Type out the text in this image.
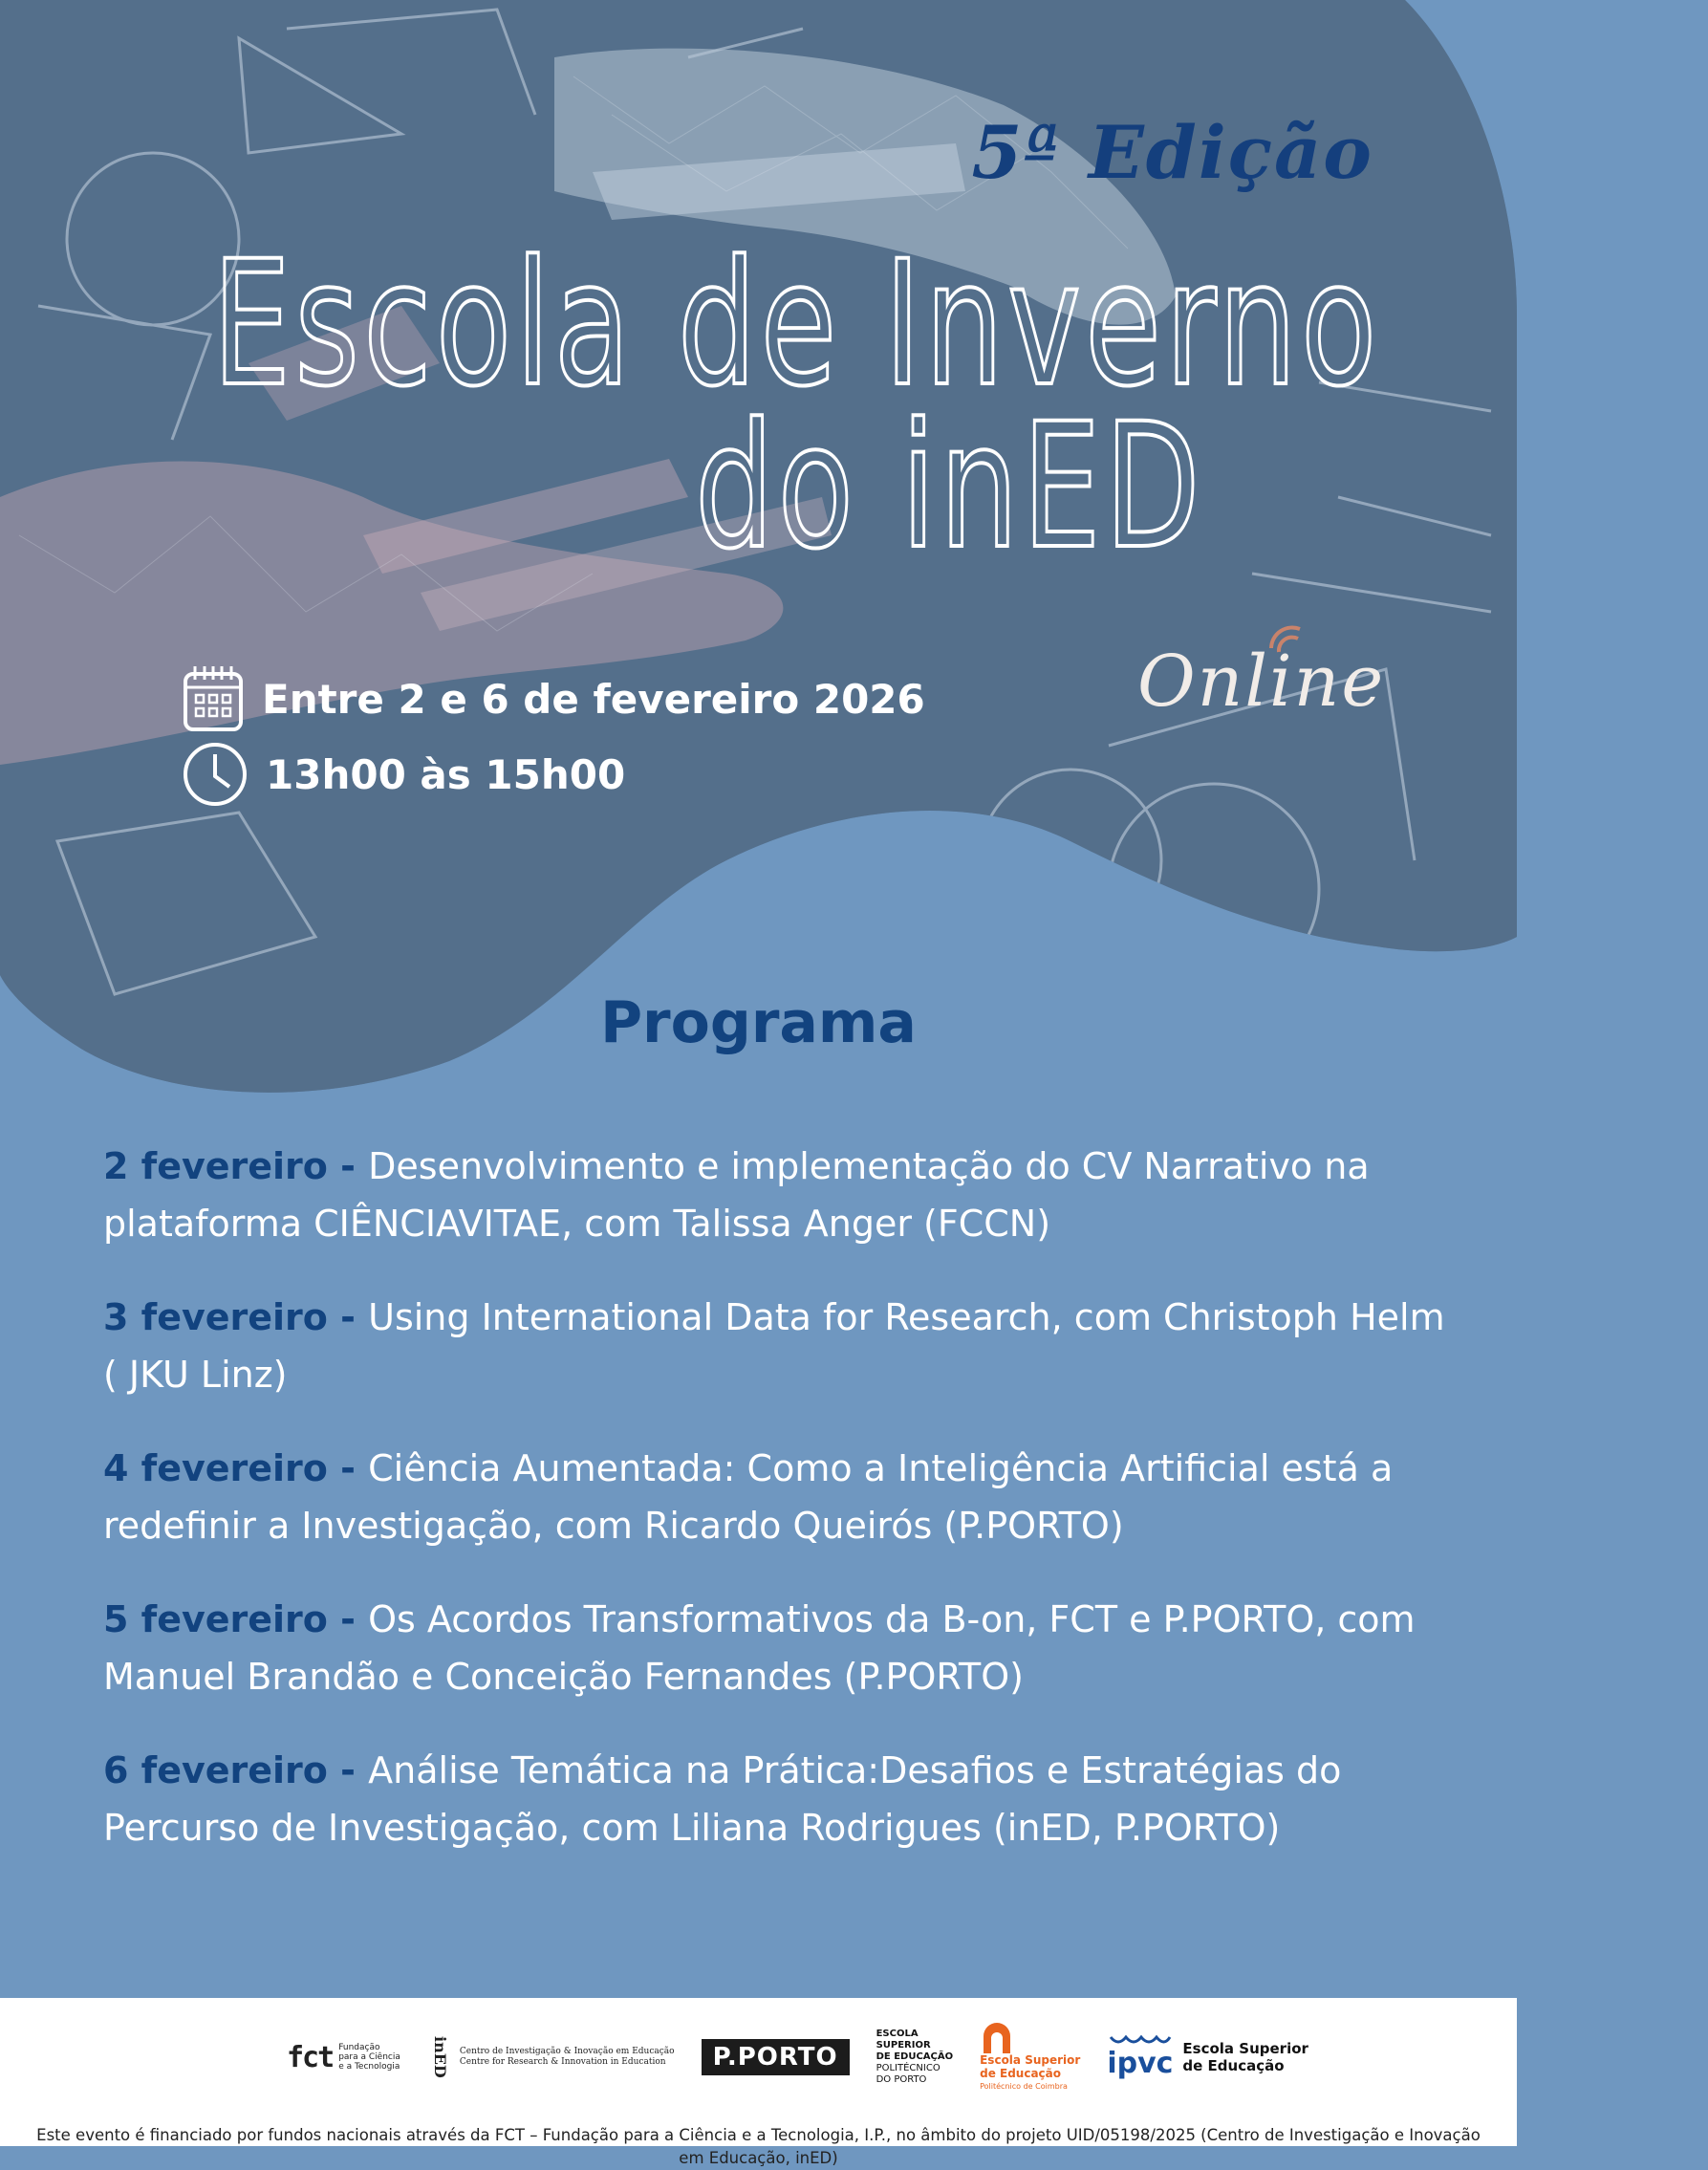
5ª Edição
Escola de Inverno
do inED
Online
Entre 2 e 6 de fevereiro 2026
13h00 às 15h00
Programa
2 fevereiro - Desenvolvimento e implementação do CV Narrativo na plataforma CIÊNCIAVITAE, com Talissa Anger (FCCN)
3 fevereiro - Using International Data for Research, com Christoph Helm ( JKU Linz)
4 fevereiro - Ciência Aumentada: Como a Inteligência Artificial está a redefinir a Investigação, com Ricardo Queirós (P.PORTO)
5 fevereiro - Os Acordos Transformativos da B-on, FCT e P.PORTO, com Manuel Brandão e Conceição Fernandes (P.PORTO)
6 fevereiro - Análise Temática na Prática:Desafios e Estratégias do Percurso de Investigação, com Liliana Rodrigues (inED, P.PORTO)
fct Fundação
para a Ciência
e a Tecnologia inED	Centro de Investigação & Inovação em Educação
Centre for Research & Innovation in Education	P.PORTO
ESCOLA
SUPERIOR
DE EDUCAÇÃO
POLITÉCNICO
DO PORTO
Escola Superior
de Educação
Politécnico de Coimbra
ipvc Escola Superior
de Educação
Este evento é financiado por fundos nacionais através da FCT – Fundação para a Ciência e a Tecnologia, I.P., no âmbito do projeto UID/05198/2025 (Centro de Investigação e Inovação em Educação, inED)
